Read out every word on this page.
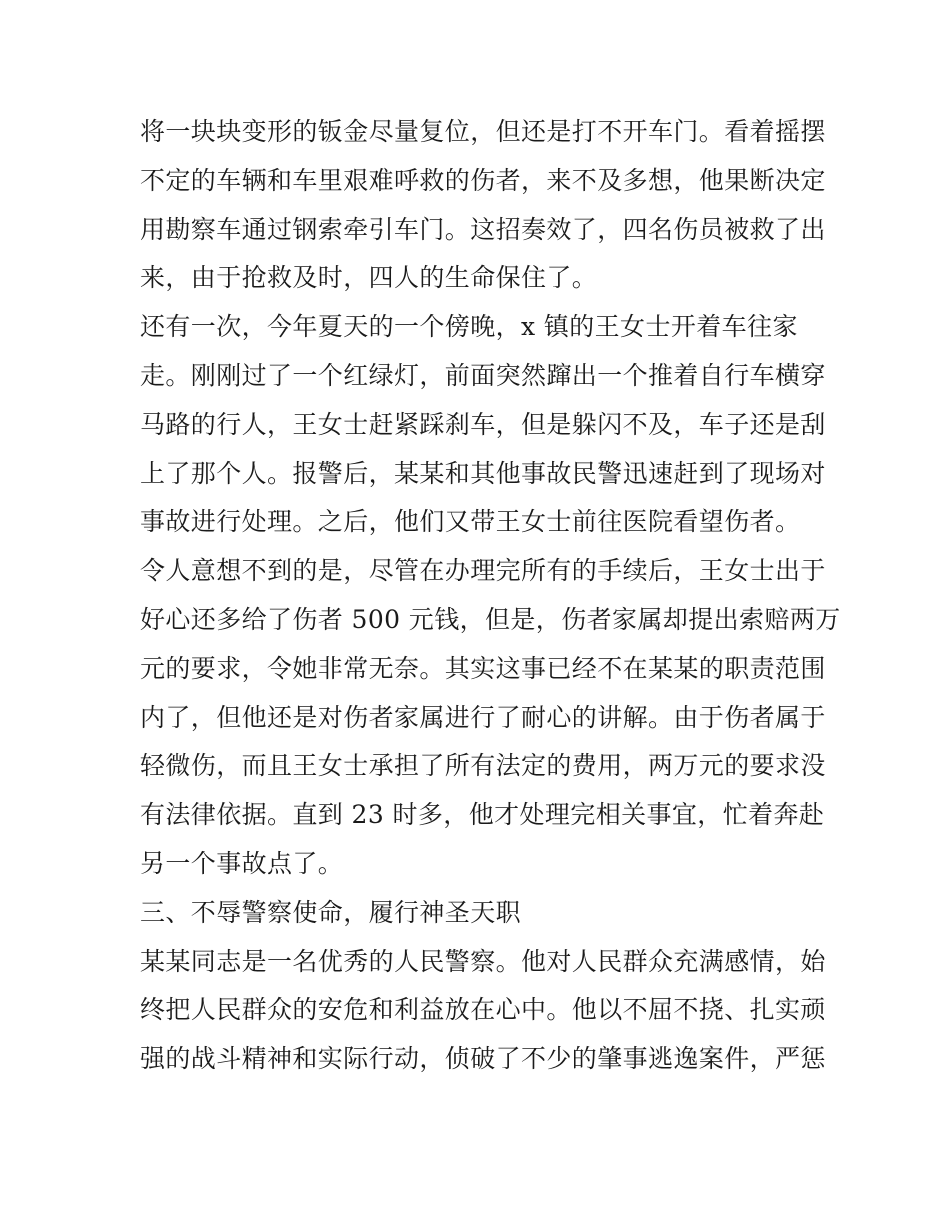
将一块块变形的钣金尽量复位，但还是打不开车门。看着摇摆
不定的车辆和车里艰难呼救的伤者，来不及多想，他果断决定
用勘察车通过钢索牵引车门。这招奏效了，四名伤员被救了出
来，由于抢救及时，四人的生命保住了。
还有一次，今年夏天的一个傍晚，x 镇的王女士开着车往家
走。刚刚过了一个红绿灯，前面突然蹿出一个推着自行车横穿
马路的行人，王女士赶紧踩刹车，但是躲闪不及，车子还是刮
上了那个人。报警后，某某和其他事故民警迅速赶到了现场对
事故进行处理。之后，他们又带王女士前往医院看望伤者。
令人意想不到的是，尽管在办理完所有的手续后，王女士出于
好心还多给了伤者 500 元钱，但是，伤者家属却提出索赔两万
元的要求，令她非常无奈。其实这事已经不在某某的职责范围
内了，但他还是对伤者家属进行了耐心的讲解。由于伤者属于
轻微伤，而且王女士承担了所有法定的费用，两万元的要求没
有法律依据。直到 23 时多，他才处理完相关事宜，忙着奔赴
另一个事故点了。
三、不辱警察使命，履行神圣天职
某某同志是一名优秀的人民警察。他对人民群众充满感情，始
终把人民群众的安危和利益放在心中。他以不屈不挠、扎实顽
强的战斗精神和实际行动，侦破了不少的肇事逃逸案件，严惩
